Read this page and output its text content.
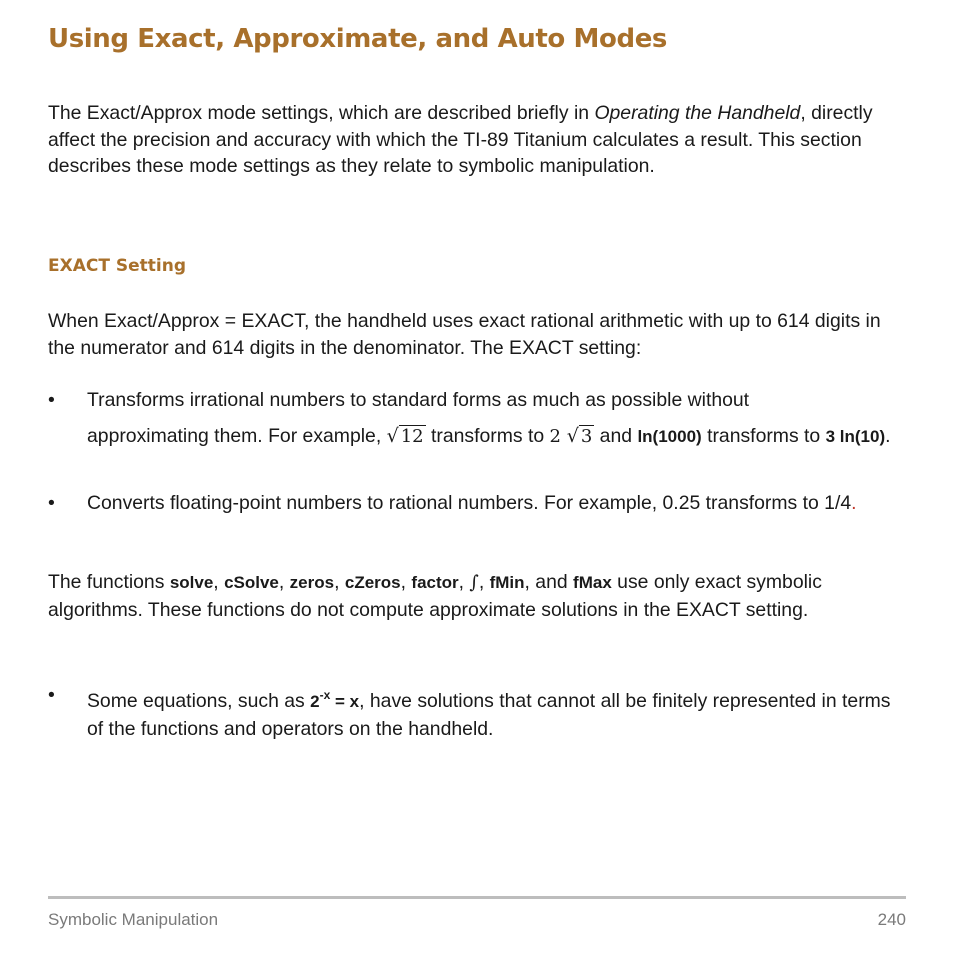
Using Exact, Approximate, and Auto Modes

The Exact/Approx mode settings, which are described briefly in Operating the Handheld, directly affect the precision and accuracy with which the TI-89 Titanium calculates a result. This section describes these mode settings as they relate to symbolic manipulation.

EXACT Setting

When Exact/Approx = EXACT, the handheld uses exact rational arithmetic with up to 614 digits in the numerator and 614 digits in the denominator. The EXACT setting:

• Transforms irrational numbers to standard forms as much as possible without
approximating them. For example, √ 12 transforms to 2 √ 3 and ln(1000) transforms to 3 ln(10).
• Converts floating-point numbers to rational numbers. For example, 0.25 transforms to 1/4.

The functions solve, cSolve, zeros, cZeros, factor, ∫, fMin, and fMax use only exact symbolic algorithms. These functions do not compute approximate solutions in the EXACT setting.

• Some equations, such as $2^{-x} = x$, have solutions that cannot all be finitely represented in terms of the functions and operators on the handheld.
Symbolic Manipulation	240
